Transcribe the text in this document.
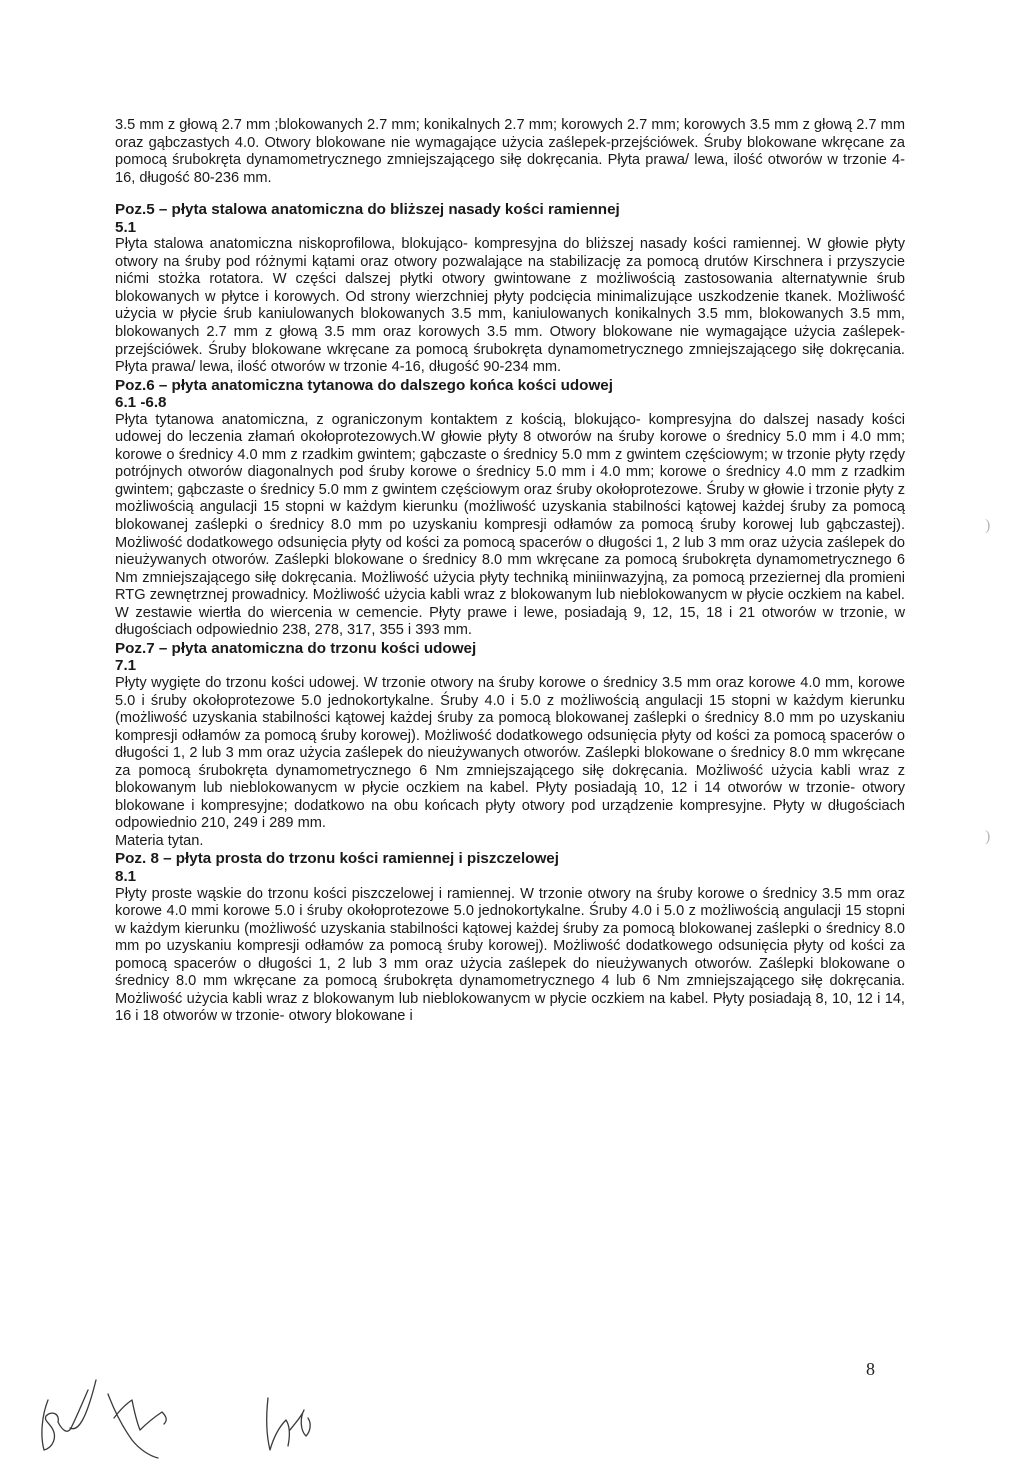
3.5 mm z głową 2.7 mm ;blokowanych 2.7 mm; konikalnych 2.7 mm; korowych 2.7 mm; korowych 3.5 mm z głową 2.7 mm oraz gąbczastych 4.0. Otwory blokowane nie wymagające użycia zaślepek-przejściówek. Śruby blokowane wkręcane za pomocą śrubokręta dynamometrycznego zmniejszającego siłę dokręcania. Płyta prawa/ lewa, ilość otworów w trzonie 4- 16, długość 80-236 mm.

Poz.5 – płyta stalowa anatomiczna do bliższej nasady kości ramiennej

5.1

Płyta stalowa anatomiczna niskoprofilowa, blokująco- kompresyjna do bliższej nasady kości ramiennej. W głowie płyty otwory na śruby pod różnymi kątami oraz otwory pozwalające na stabilizację za pomocą drutów Kirschnera i przyszycie nićmi stożka rotatora. W części dalszej płytki otwory gwintowane z możliwością zastosowania alternatywnie śrub blokowanych w płytce i korowych. Od strony wierzchniej płyty podcięcia minimalizujące uszkodzenie tkanek. Możliwość użycia w płycie śrub kaniulowanych blokowanych 3.5 mm, kaniulowanych konikalnych 3.5 mm, blokowanych 3.5 mm, blokowanych 2.7 mm z głową 3.5 mm oraz korowych 3.5 mm. Otwory blokowane nie wymagające użycia zaślepek-przejściówek. Śruby blokowane wkręcane za pomocą śrubokręta dynamometrycznego zmniejszającego siłę dokręcania. Płyta prawa/ lewa, ilość otworów w trzonie 4-16, długość 90-234 mm.

Poz.6 – płyta anatomiczna tytanowa do dalszego końca kości udowej

6.1 -6.8

Płyta tytanowa anatomiczna, z ograniczonym kontaktem z kością, blokująco- kompresyjna do dalszej nasady kości udowej do leczenia złamań okołoprotezowych.W głowie płyty 8 otworów na śruby korowe o średnicy 5.0 mm i 4.0 mm; korowe o średnicy 4.0 mm z rzadkim gwintem; gąbczaste o średnicy 5.0 mm z gwintem częściowym; w trzonie płyty rzędy potrójnych otworów diagonalnych pod śruby korowe o średnicy 5.0 mm i 4.0 mm; korowe o średnicy 4.0 mm z rzadkim gwintem; gąbczaste o średnicy 5.0 mm z gwintem częściowym oraz śruby okołoprotezowe. Śruby w głowie i trzonie płyty z możliwością angulacji 15 stopni w każdym kierunku (możliwość uzyskania stabilności kątowej każdej śruby za pomocą blokowanej zaślepki o średnicy 8.0 mm po uzyskaniu kompresji odłamów za pomocą śruby korowej lub gąbczastej). Możliwość dodatkowego odsunięcia płyty od kości za pomocą spacerów o długości 1, 2 lub 3 mm oraz użycia zaślepek do nieużywanych otworów. Zaślepki blokowane o średnicy 8.0 mm wkręcane za pomocą śrubokręta dynamometrycznego 6 Nm zmniejszającego siłę dokręcania. Możliwość użycia płyty techniką miniinwazyjną, za pomocą przeziernej dla promieni RTG zewnętrznej prowadnicy. Możliwość użycia kabli wraz z blokowanym lub nieblokowanycm w płycie oczkiem na kabel. W zestawie wiertła do wiercenia w cemencie. Płyty prawe i lewe, posiadają 9, 12, 15, 18 i 21 otworów w trzonie, w długościach odpowiednio 238, 278, 317, 355 i 393 mm.

Poz.7 – płyta anatomiczna do trzonu kości udowej

7.1

Płyty wygięte do trzonu kości udowej. W trzonie otwory na śruby korowe o średnicy 3.5 mm oraz korowe 4.0 mm, korowe 5.0 i śruby okołoprotezowe 5.0 jednokortykalne. Śruby 4.0 i 5.0 z możliwością angulacji 15 stopni w każdym kierunku (możliwość uzyskania stabilności kątowej każdej śruby za pomocą blokowanej zaślepki o średnicy 8.0 mm po uzyskaniu kompresji odłamów za pomocą śruby korowej). Możliwość dodatkowego odsunięcia płyty od kości za pomocą spacerów o długości 1, 2 lub 3 mm oraz użycia zaślepek do nieużywanych otworów. Zaślepki blokowane o średnicy 8.0 mm wkręcane za pomocą śrubokręta dynamometrycznego 6 Nm zmniejszającego siłę dokręcania. Możliwość użycia kabli wraz z blokowanym lub nieblokowanycm w płycie oczkiem na kabel. Płyty posiadają 10, 12 i 14 otworów w trzonie- otwory blokowane i kompresyjne; dodatkowo na obu końcach płyty otwory pod urządzenie kompresyjne. Płyty w długościach odpowiednio 210, 249 i 289 mm.

Materia tytan.

Poz. 8 – płyta prosta do trzonu kości ramiennej i piszczelowej

8.1

Płyty proste wąskie do trzonu kości piszczelowej i ramiennej. W trzonie otwory na śruby korowe o średnicy 3.5 mm oraz korowe 4.0 mmi korowe 5.0 i śruby okołoprotezowe 5.0 jednokortykalne. Śruby 4.0 i 5.0 z możliwością angulacji 15 stopni w każdym kierunku (możliwość uzyskania stabilności kątowej każdej śruby za pomocą blokowanej zaślepki o średnicy 8.0 mm po uzyskaniu kompresji odłamów za pomocą śruby korowej). Możliwość dodatkowego odsunięcia płyty od kości za pomocą spacerów o długości 1, 2 lub 3 mm oraz użycia zaślepek do nieużywanych otworów. Zaślepki blokowane o średnicy 8.0 mm wkręcane za pomocą śrubokręta dynamometrycznego 4 lub 6 Nm zmniejszającego siłę dokręcania. Możliwość użycia kabli wraz z blokowanym lub nieblokowanycm w płycie oczkiem na kabel. Płyty posiadają 8, 10, 12 i 14, 16 i 18 otworów w trzonie- otwory blokowane i

)
)
8
